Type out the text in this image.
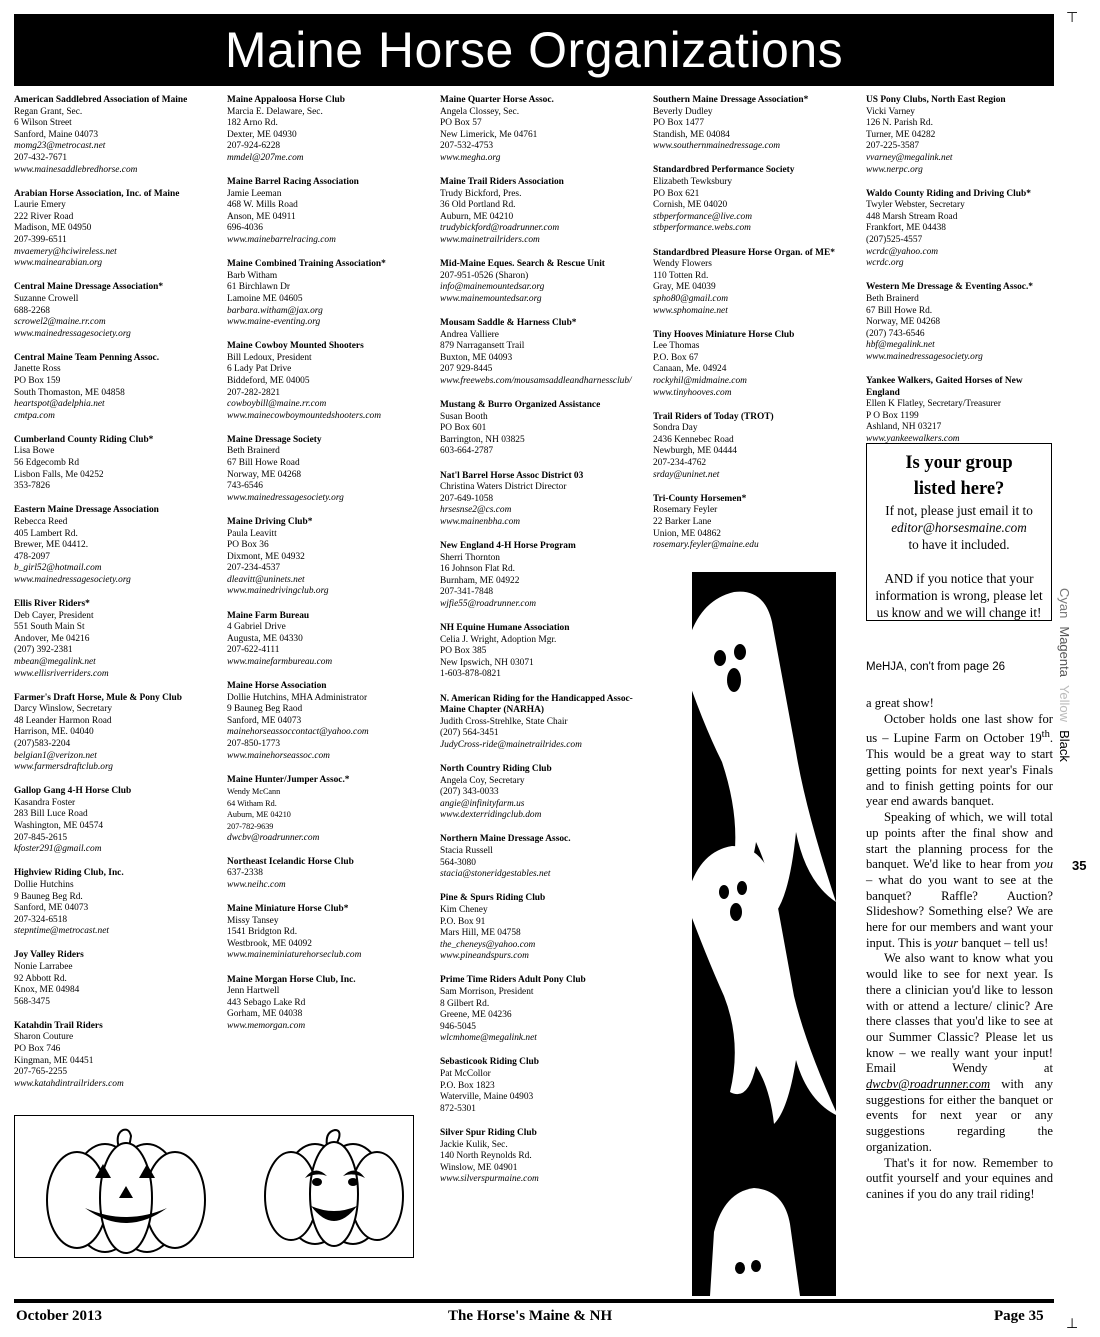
Maine Horse Organizations
American Saddlebred Association of Maine
Regan Grant, Sec.
6 Wilson Street
Sanford, Maine 04073
momg23@metrocast.net
207-432-7671
www.mainesaddlebredhorse.com
Arabian Horse Association, Inc. of Maine
Laurie Emery
222 River Road
Madison, ME 04950
207-399-6511
mvaemery@hciwireless.net
www.mainearabian.org
Central Maine Dressage Association*
Suzanne Crowell
688-2268
scrowel2@maine.rr.com
www.mainedressagesociety.org
Central Maine Team Penning Assoc.
Janette Ross
PO Box 159
South Thomaston, ME 04858
heartspot@adelphia.net
cmtpa.com
Cumberland County Riding Club*
Lisa Bowe
56 Edgecomb Rd
Lisbon Falls, Me 04252
353-7826
Eastern Maine Dressage Association
Rebecca Reed
405 Lambert Rd.
Brewer, ME 04412.
478-2097
b_girl52@hotmail.com
www.mainedressagesociety.org
Ellis River Riders*
Deb Cayer, President
551 South Main St
Andover, Me 04216
(207) 392-2381
mbean@megalink.net
www.ellisriverriders.com
Farmer's Draft Horse, Mule & Pony Club
Darcy Winslow, Secretary
48 Leander Harmon Road
Harrison, ME. 04040
(207)583-2204
belgian1@verizon.net
www.farmersdraftclub.org
Gallop Gang 4-H Horse Club
Kasandra Foster
283 Bill Luce Road
Washington, ME 04574
207-845-2615
kfoster291@gmail.com
Highview Riding Club, Inc.
Dollie Hutchins
9 Bauneg Beg Rd.
Sanford, ME 04073
207-324-6518
stepntime@metrocast.net
Joy Valley Riders
Nonie Larrabee
92 Abbott Rd.
Knox, ME 04984
568-3475
Katahdin Trail Riders
Sharon Couture
PO Box 746
Kingman, ME 04451
207-765-2255
www.katahdintrailriders.com
Maine Appaloosa Horse Club
Marcia E. Delaware, Sec.
182 Arno Rd.
Dexter, ME 04930
207-924-6228
mmdel@207me.com
Maine Barrel Racing Association
Jamie Leeman
468 W. Mills Road
Anson, ME 04911
696-4036
www.mainebarrelracing.com
Maine Combined Training Association*
Barb Witham
61 Birchlawn Dr
Lamoine ME 04605
barbara.witham@jax.org
www.maine-eventing.org
Maine Cowboy Mounted Shooters
Bill Ledoux, President
6 Lady Pat Drive
Biddeford, ME 04005
207-282-2821
cowboybill@maine.rr.com
www.mainecowboymountedshooters.com
Maine Dressage Society
Beth Brainerd
67 Bill Howe Road
Norway, ME 04268
743-6546
www.mainedressagesociety.org
Maine Driving Club*
Paula Leavitt
PO Box 36
Dixmont, ME 04932
207-234-4537
dleavitt@uninets.net
www.mainedrivingclub.org
Maine Farm Bureau
4 Gabriel Drive
Augusta, ME 04330
207-622-4111
www.mainefarmbureau.com
Maine Horse Association
Dollie Hutchins, MHA Administrator
9 Bauneg Beg Raod
Sanford, ME 04073
mainehorseassoccontact@yahoo.com
207-850-1773
www.mainehorseassoc.com
Maine Hunter/Jumper Assoc.*
Wendy McCann
64 Witham Rd.
Auburn, ME 04210
207-782-9639
dwcbv@roadrunner.com
Northeast Icelandic Horse Club
637-2338
www.neihc.com
Maine Miniature Horse Club*
Missy Tansey
1541 Bridgton Rd.
Westbrook, ME 04092
www.maineminiaturehorseclub.com
Maine Morgan Horse Club, Inc.
Jenn Hartwell
443 Sebago Lake Rd
Gorham, ME 04038
www.memorgan.com
Maine Quarter Horse Assoc.
Angela Clossey, Sec.
PO Box 57
New Limerick, Me 04761
207-532-4753
www.megha.org
Maine Trail Riders Association
Trudy Bickford, Pres.
36 Old Portland Rd.
Auburn, ME 04210
trudybickford@roadrunner.com
www.mainetrailriders.com
Mid-Maine Eques. Search & Rescue Unit
207-951-0526 (Sharon)
info@mainemountedsar.org
www.mainemountedsar.org
Mousam Saddle & Harness Club*
Andrea Valliere
879 Narragansett Trail
Buxton, ME 04093
207 929-8445
www.freewebs.com/mousamsaddleandharnessclub/
Mustang & Burro Organized Assistance
Susan Booth
PO Box 601
Barrington, NH 03825
603-664-2787
Nat'l Barrel Horse Assoc District 03
Christina Waters District Director
207-649-1058
hrsesnse2@cs.com
www.mainenbha.com
New England 4-H Horse Program
Sherri Thornton
16 Johnson Flat Rd.
Burnham, ME 04922
207-341-7848
wjfie55@roadrunner.com
NH Equine Humane Association
Celia J. Wright, Adoption Mgr.
PO Box 385
New Ipswich, NH 03071
1-603-878-0821
N. American Riding for the Handicapped Assoc- Maine Chapter (NARHA)
Judith Cross-Strehlke, State Chair
(207) 564-3451
JudyCross-ride@mainetrailrides.com
North Country Riding Club
Angela Coy, Secretary
(207) 343-0033
angie@infinityfarm.us
www.dexterridingclub.dom
Northern Maine Dressage Assoc.
Stacia Russell
564-3080
stacia@stoneridgestables.net
Pine & Spurs Riding Club
Kim Cheney
P.O. Box 91
Mars Hill, ME 04758
the_cheneys@yahoo.com
www.pineandspurs.com
Prime Time Riders Adult Pony Club
Sam Morrison, President
8 Gilbert Rd.
Greene, ME 04236
946-5045
wlcmhome@megalink.net
Sebasticook Riding Club
Pat McCollor
P.O. Box 1823
Waterville, Maine 04903
872-5301
Silver Spur Riding Club
Jackie Kulik, Sec.
140 North Reynolds Rd.
Winslow, ME 04901
www.silverspurmaine.com
Southern Maine Dressage Association*
Beverly Dudley
PO Box 1477
Standish, ME 04084
www.southernmainedressage.com
Standardbred Performance Society
Elizabeth Tewksbury
PO Box 621
Cornish, ME 04020
stbperformance@live.com
stbperformance.webs.com
Standardbred Pleasure Horse Organ. of ME*
Wendy Flowers
110 Totten Rd.
Gray, ME 04039
spho80@gmail.com
www.sphomaine.net
Tiny Hooves Miniature Horse Club
Lee Thomas
P.O. Box 67
Canaan, Me. 04924
rockyhil@midmaine.com
www.tinyhooves.com
Trail Riders of Today (TROT)
Sondra Day
2436 Kennebec Road
Newburgh, ME 04444
207-234-4762
srday@uninet.net
Tri-County Horsemen*
Rosemary Feyler
22 Barker Lane
Union, ME 04862
rosemary.feyler@maine.edu
US Pony Clubs, North East Region
Vicki Varney
126 N. Parish Rd.
Turner, ME 04282
207-225-3587
vvarney@megalink.net
www.nerpc.org
Waldo County Riding and Driving Club*
Twyler Webster, Secretary
448 Marsh Stream Road
Frankfort, ME 04438
(207)525-4557
wcrdc@yahoo.com
wcrdc.org
Western Me Dressage & Eventing Assoc.*
Beth Brainerd
67 Bill Howe Rd.
Norway, ME 04268
(207) 743-6546
hbf@megalink.net
www.mainedressagesociety.org
Yankee Walkers, Gaited Horses of New England
Ellen K Flatley, Secretary/Treasurer
P O Box 1199
Ashland, NH 03217
www.yankeewalkers.com
Is your group
listed here?
If not, please just email it to
editor@horsesmaine.com
to have it included.
AND if you notice that your information is wrong, please let us know and we will change it!
MeHJA, con't from page 26

a great show!

October holds one last show for us – Lupine Farm on October 19th. This would be a great way to start getting points for next year's Finals and to finish getting points for our year end awards banquet.

Speaking of which, we will total up points after the final show and start the planning process for the banquet. We'd like to hear from you – what do you want to see at the banquet? Raffle? Auction? Slideshow? Something else? We are here for our members and want your input. This is your banquet – tell us!

We also want to know what you would like to see for next year. Is there a clinician you'd like to lesson with or attend a lecture/ clinic? Are there classes that you'd like to see at our Summer Classic? Please let us know – we really want your input! Email Wendy at dwcbv@roadrunner.com with any suggestions for either the banquet or events for next year or any suggestions regarding the organization.

That's it for now. Remember to outfit yourself and your equines and canines if you do any trail riding!

CyanMagentaYellowBlack
35
⊤
⊥
October 2013	The Horse's Maine & NH	Page 35
